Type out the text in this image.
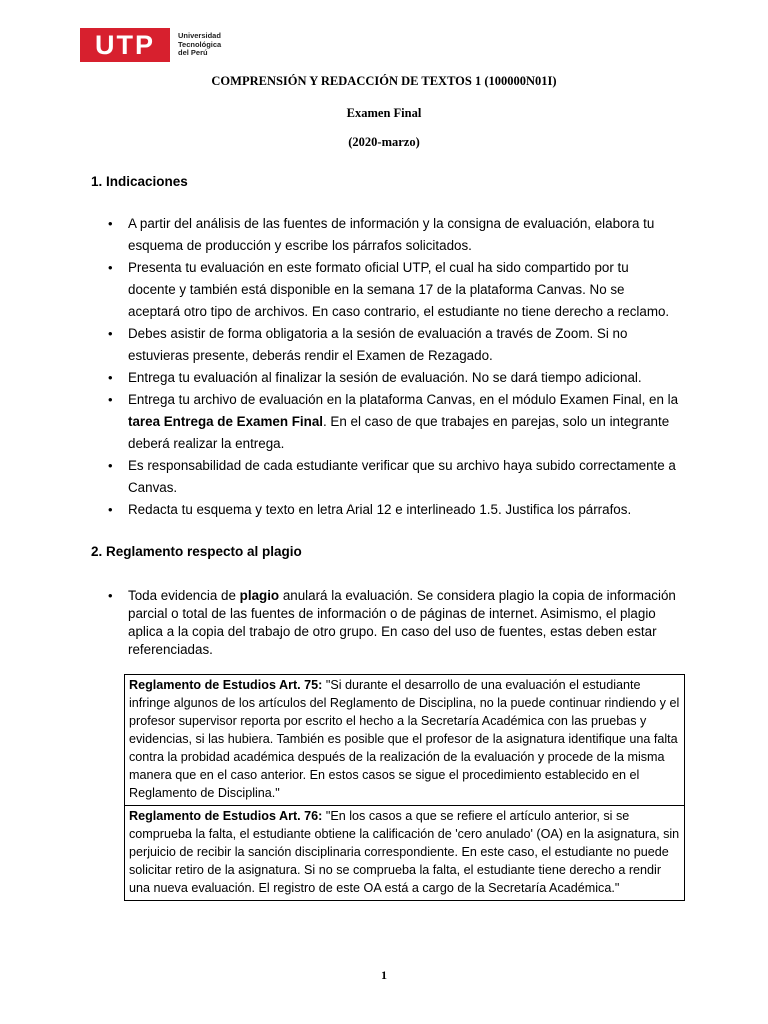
UTP	Universidad
Tecnológica
del Perú
COMPRENSIÓN Y REDACCIÓN DE TEXTOS 1 (100000N01I)
Examen Final
(2020-marzo)
1. Indicaciones
• A partir del análisis de las fuentes de información y la consigna de evaluación, elabora tu esquema de producción y escribe los párrafos solicitados.
• Presenta tu evaluación en este formato oficial UTP, el cual ha sido compartido por tu docente y también está disponible en la semana 17 de la plataforma Canvas. No se aceptará otro tipo de archivos. En caso contrario, el estudiante no tiene derecho a reclamo.
• Debes asistir de forma obligatoria a la sesión de evaluación a través de Zoom. Si no estuvieras presente, deberás rendir el Examen de Rezagado.
• Entrega tu evaluación al finalizar la sesión de evaluación. No se dará tiempo adicional.
• Entrega tu archivo de evaluación en la plataforma Canvas, en el módulo Examen Final, en la tarea Entrega de Examen Final. En el caso de que trabajes en parejas, solo un integrante deberá realizar la entrega.
• Es responsabilidad de cada estudiante verificar que su archivo haya subido correctamente a Canvas.
• Redacta tu esquema y texto en letra Arial 12 e interlineado 1.5. Justifica los párrafos.
2. Reglamento respecto al plagio
• Toda evidencia de plagio anulará la evaluación. Se considera plagio la copia de información parcial o total de las fuentes de información o de páginas de internet. Asimismo, el plagio aplica a la copia del trabajo de otro grupo. En caso del uso de fuentes, estas deben estar referenciadas.
Reglamento de Estudios Art. 75: "Si durante el desarrollo de una evaluación el estudiante infringe algunos de los artículos del Reglamento de Disciplina, no la puede continuar rindiendo y el profesor supervisor reporta por escrito el hecho a la Secretaría Académica con las pruebas y evidencias, si las hubiera. También es posible que el profesor de la asignatura identifique una falta contra la probidad académica después de la realización de la evaluación y procede de la misma manera que en el caso anterior. En estos casos se sigue el procedimiento establecido en el Reglamento de Disciplina."
Reglamento de Estudios Art. 76: "En los casos a que se refiere el artículo anterior, si se comprueba la falta, el estudiante obtiene la calificación de 'cero anulado' (OA) en la asignatura, sin perjuicio de recibir la sanción disciplinaria correspondiente. En este caso, el estudiante no puede solicitar retiro de la asignatura. Si no se comprueba la falta, el estudiante tiene derecho a rendir una nueva evaluación. El registro de este OA está a cargo de la Secretaría Académica."
1
